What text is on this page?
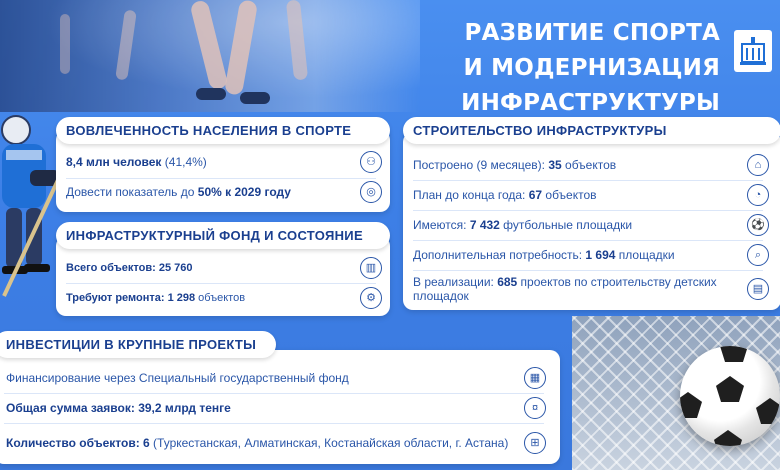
РАЗВИТИЕ СПОРТА
И МОДЕРНИЗАЦИЯ ИНФРАСТРУКТУРЫ
ВОВЛЕЧЕННОСТЬ НАСЕЛЕНИЯ В СПОРТЕ
8,4 млн человек (41,4%)	⚇
Довести показатель до 50% к 2029 году	◎
ИНФРАСТРУКТУРНЫЙ ФОНД И СОСТОЯНИЕ
Всего объектов: 25 760	▥
Требуют ремонта: 1 298 объектов	⚙
СТРОИТЕЛЬСТВО ИНФРАСТРУКТУРЫ
Построено (9 месяцев): 35 объектов	⌂
План до конца года: 67 объектов	◔
Имеются: 7 432 футбольные площадки	⚽
Дополнительная потребность: 1 694 площадки	⌕
В реализации: 685 проектов по строительству детских площадок	▤
ИНВЕСТИЦИИ В КРУПНЫЕ ПРОЕКТЫ
Финансирование через Специальный государственный фонд	▦
Общая сумма заявок: 39,2 млрд тенге	¤
Количество объектов: 6 (Туркестанская, Алматинская, Костанайская области, г. Астана)	⊞
